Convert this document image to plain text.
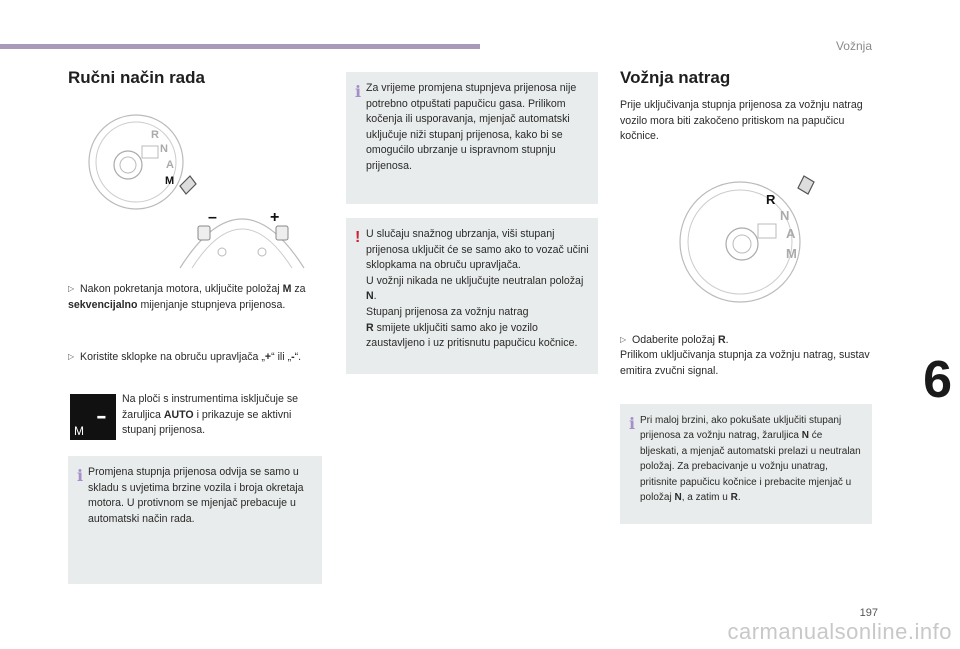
Vožnja
Ručni način rada
R
N
A
M
–	+
▷ Nakon pokretanja motora, uključite položaj M za sekvencijalno mijenjanje stupnjeva prijenosa.
▷ Koristite sklopke na obruču upravljača „+“ ili „-“.
M - Na ploči s instrumentima isključuje se žaruljica AUTO i prikazuje se aktivni stupanj prijenosa.
i Promjena stupnja prijenosa odvija se samo u skladu s uvjetima brzine vozila i broja okretaja motora. U protivnom se mjenjač prebacuje u automatski način rada.
i Za vrijeme promjena stupnjeva prijenosa nije potrebno otpuštati papučicu gasa. Prilikom kočenja ili usporavanja, mjenjač automatski uključuje niži stupanj prijenosa, kako bi se omogućilo ubrzanje u ispravnom stupnju prijenosa.
! U slučaju snažnog ubrzanja, viši stupanj prijenosa uključit će se samo ako to vozač učini sklopkama na obruču upravljača.
U vožnji nikada ne uključujte neutralan položaj N.
Stupanj prijenosa za vožnju natrag
R smijete uključiti samo ako je vozilo zaustavljeno i uz pritisnutu papučicu kočnice.
Vožnja natrag
Prije uključivanja stupnja prijenosa za vožnju natrag vozilo mora biti zakočeno pritiskom na papučicu kočnice.
R
N
A
M
▷ Odaberite položaj R.
Prilikom uključivanja stupnja za vožnju natrag, sustav emitira zvučni signal.
i Pri maloj brzini, ako pokušate uključiti stupanj prijenosa za vožnju natrag, žaruljica N će bljeskati, a mjenjač automatski prelazi u neutralan položaj. Za prebacivanje u vožnju unatrag, pritisnite papučicu kočnice i prebacite mjenjač u položaj N, a zatim u R.
6
197
carmanualsonline.info
